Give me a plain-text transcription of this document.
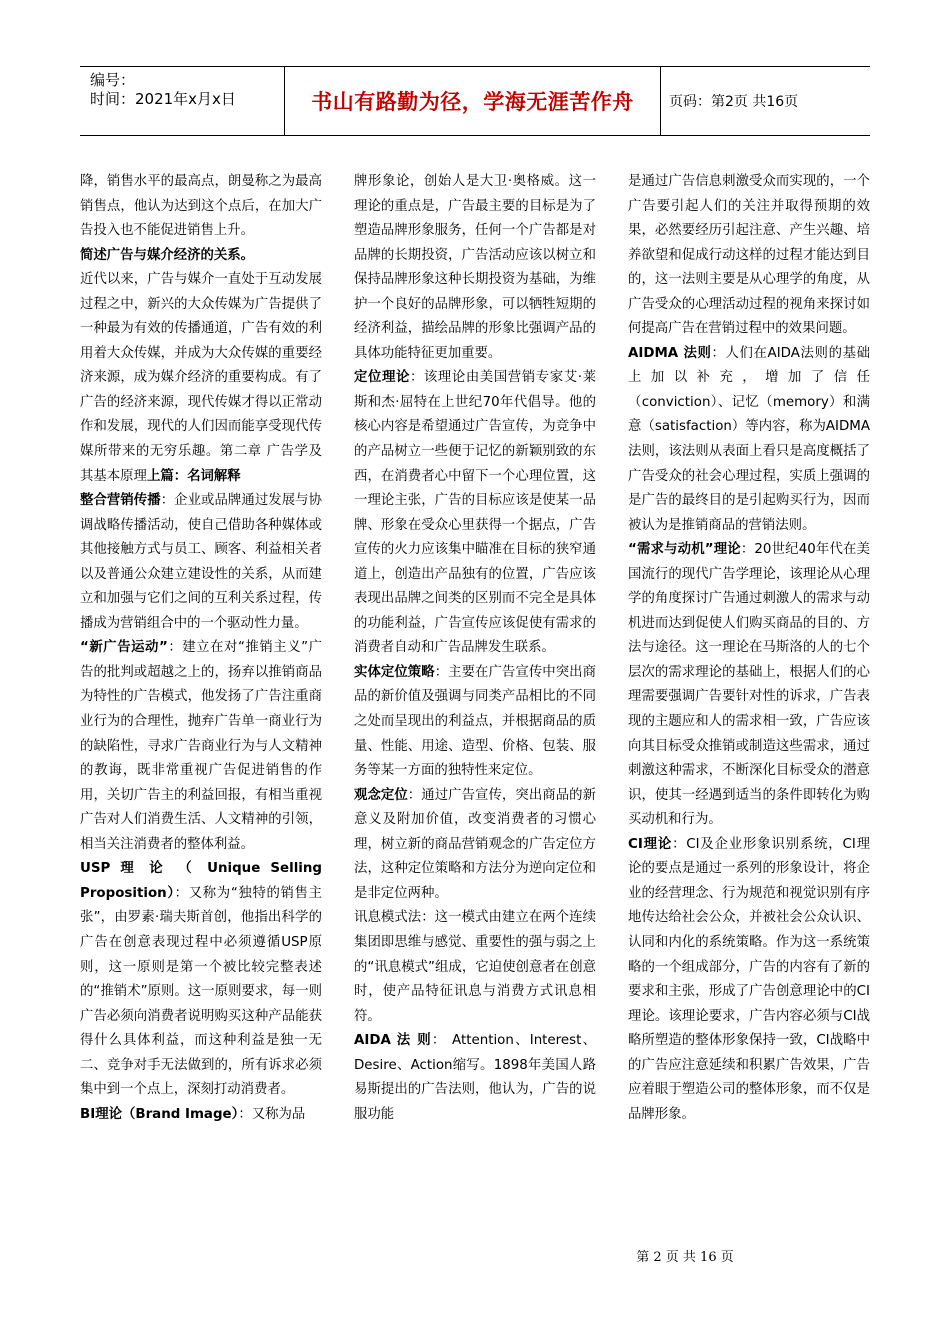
编号：
时间：2021年x月x日	书山有路勤为径，学海无涯苦作舟	页码：第2页 共16页

降，销售水平的最高点，朗曼称之为最高销售点，他认为达到这个点后，在加大广告投入也不能促进销售上升。

简述广告与媒介经济的关系。

近代以来，广告与媒介一直处于互动发展过程之中，新兴的大众传媒为广告提供了一种最为有效的传播通道，广告有效的利用着大众传媒，并成为大众传媒的重要经济来源，成为媒介经济的重要构成。有了广告的经济来源，现代传媒才得以正常动作和发展，现代的人们因而能享受现代传媒所带来的无穷乐趣。第二章 广告学及其基本原理上篇：名词解释

整合营销传播：企业或品牌通过发展与协调战略传播活动，使自己借助各种媒体或其他接触方式与员工、顾客、利益相关者以及普通公众建立建设性的关系，从而建立和加强与它们之间的互利关系过程，传播成为营销组合中的一个驱动性力量。

“新广告运动”：建立在对“推销主义”广告的批判或超越之上的，扬弃以推销商品为特性的广告模式，他发扬了广告注重商业行为的合理性，抛弃广告单一商业行为的缺陷性，寻求广告商业行为与人文精神的教诲，既非常重视广告促进销售的作用，关切广告主的利益回报，有相当重视广告对人们消费生活、人文精神的引领，相当关注消费者的整体利益。

USP 理 论 （ Unique Selling Proposition）：又称为“独特的销售主张”，由罗素·瑞夫斯首创，他指出科学的广告在创意表现过程中必须遵循USP原则，这一原则是第一个被比较完整表述的“推销术”原则。这一原则要求，每一则广告必须向消费者说明购买这种产品能获得什么具体利益，而这种利益是独一无二、竞争对手无法做到的，所有诉求必须集中到一个点上，深刻打动消费者。

BI理论（Brand Image）：又称为品

牌形象论，创始人是大卫·奥格威。这一理论的重点是，广告最主要的目标是为了塑造品牌形象服务，任何一个广告都是对品牌的长期投资，广告活动应该以树立和保持品牌形象这种长期投资为基础，为维护一个良好的品牌形象，可以牺牲短期的经济利益，描绘品牌的形象比强调产品的具体功能特征更加重要。

定位理论：该理论由美国营销专家艾·莱斯和杰·屈特在上世纪70年代倡导。他的核心内容是希望通过广告宣传，为竞争中的产品树立一些便于记忆的新颖别致的东西，在消费者心中留下一个心理位置，这一理论主张，广告的目标应该是使某一品牌、形象在受众心里获得一个据点，广告宣传的火力应该集中瞄准在目标的狭窄通道上，创造出产品独有的位置，广告应该表现出品牌之间类的区别而不完全是具体的功能利益，广告宣传应该促使有需求的消费者自动和广告品牌发生联系。

实体定位策略：主要在广告宣传中突出商品的新价值及强调与同类产品相比的不同之处而呈现出的利益点，并根据商品的质量、性能、用途、造型、价格、包装、服务等某一方面的独特性来定位。

观念定位：通过广告宣传，突出商品的新意义及附加价值，改变消费者的习惯心理，树立新的商品营销观念的广告定位方法，这种定位策略和方法分为逆向定位和是非定位两种。

讯息模式法：这一模式由建立在两个连续集团即思维与感觉、重要性的强与弱之上的“讯息模式”组成，它迫使创意者在创意时，使产品特征讯息与消费方式讯息相符。

AIDA 法 则： Attention、Interest、Desire、Action缩写。1898年美国人路易斯提出的广告法则，他认为，广告的说服功能

是通过广告信息刺激受众而实现的，一个广告要引起人们的关注并取得预期的效果，必然要经历引起注意、产生兴趣、培养欲望和促成行动这样的过程才能达到目的，这一法则主要是从心理学的角度，从广告受众的心理活动过程的视角来探讨如何提高广告在营销过程中的效果问题。

AIDMA 法则：人们在AIDA法则的基础上加以补充，增加了信任（conviction）、记忆（memory）和满意（satisfaction）等内容，称为AIDMA法则，该法则从表面上看只是高度概括了广告受众的社会心理过程，实质上强调的是广告的最终目的是引起购买行为，因而被认为是推销商品的营销法则。

“需求与动机”理论：20世纪40年代在美国流行的现代广告学理论，该理论从心理学的角度探讨广告通过刺激人的需求与动机进而达到促使人们购买商品的目的、方法与途径。这一理论在马斯洛的人的七个层次的需求理论的基础上，根据人们的心理需要强调广告要针对性的诉求，广告表现的主题应和人的需求相一致，广告应该向其目标受众推销或制造这些需求，通过刺激这种需求，不断深化目标受众的潜意识，使其一经遇到适当的条件即转化为购买动机和行为。

CI理论：CI及企业形象识别系统，CI理论的要点是通过一系列的形象设计，将企业的经营理念、行为规范和视觉识别有序地传达给社会公众，并被社会公众认识、认同和内化的系统策略。作为这一系统策略的一个组成部分，广告的内容有了新的要求和主张，形成了广告创意理论中的CI理论。该理论要求，广告内容必须与CI战略所塑造的整体形象保持一致，CI战略中的广告应注意延续和积累广告效果，广告应着眼于塑造公司的整体形象，而不仅是品牌形象。

第 2 页 共 16 页
